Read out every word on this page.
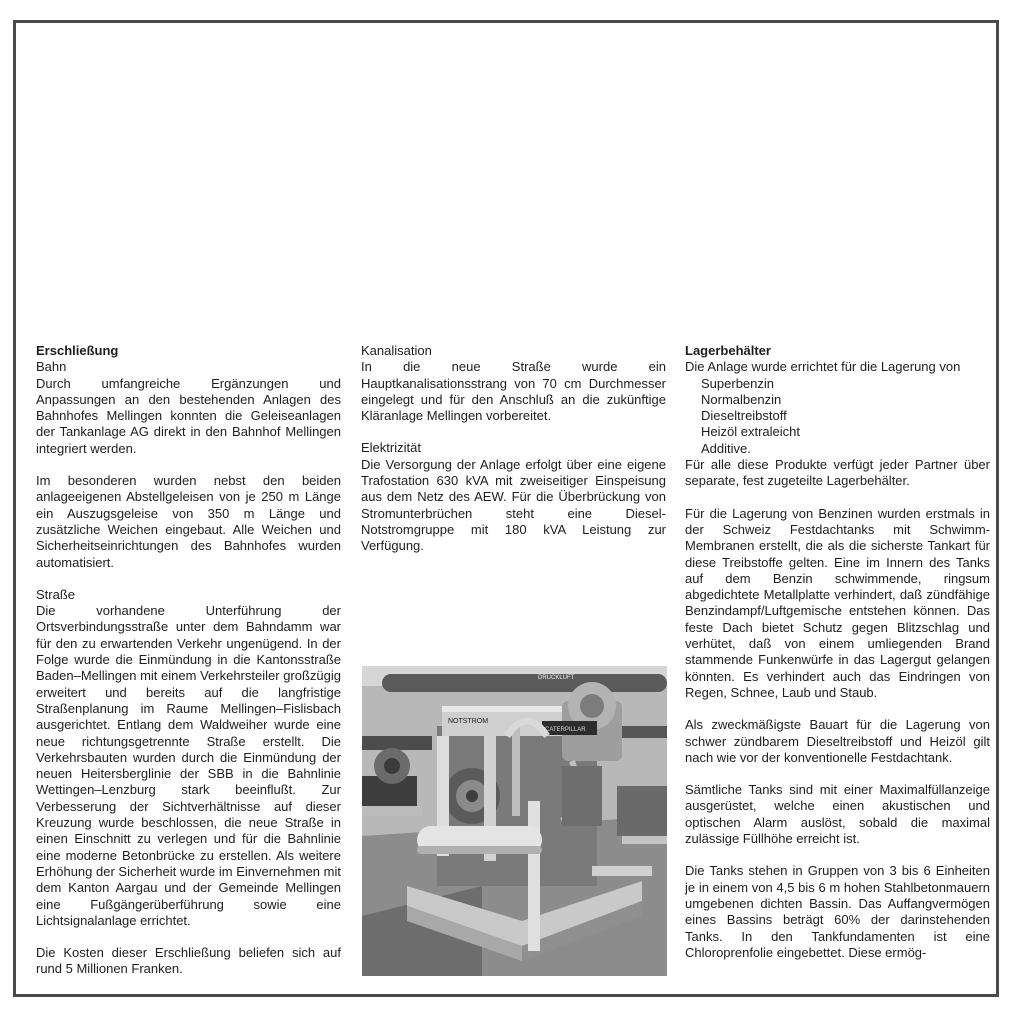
Erschließung

Bahn

Durch umfangreiche Ergänzungen und Anpassungen an den bestehenden Anlagen des Bahnhofes Mellingen konnten die Geleiseanlagen der Tankanlage AG direkt in den Bahnhof Mellingen integriert werden.

Im besonderen wurden nebst den beiden anlageeigenen Abstellgeleisen von je 250 m Länge ein Auszugsgeleise von 350 m Länge und zusätzliche Weichen eingebaut. Alle Weichen und Sicherheitseinrichtungen des Bahnhofes wurden automatisiert.

Straße

Die vorhandene Unterführung der Ortsverbindungsstraße unter dem Bahndamm war für den zu erwartenden Verkehr ungenügend. In der Folge wurde die Einmündung in die Kantonsstraße Baden–Mellingen mit einem Verkehrsteiler großzügig erweitert und bereits auf die langfristige Straßenplanung im Raume Mellingen–Fislisbach ausgerichtet. Entlang dem Waldweiher wurde eine neue richtungsgetrennte Straße erstellt. Die Verkehrsbauten wurden durch die Einmündung der neuen Heitersberglinie der SBB in die Bahnlinie Wettingen–Lenzburg stark beeinflußt. Zur Verbesserung der Sichtverhältnisse auf dieser Kreuzung wurde beschlossen, die neue Straße in einen Einschnitt zu verlegen und für die Bahnlinie eine moderne Betonbrücke zu erstellen. Als weitere Erhöhung der Sicherheit wurde im Einvernehmen mit dem Kanton Aargau und der Gemeinde Mellingen eine Fußgängerüberführung sowie eine Lichtsignalanlage errichtet.

Die Kosten dieser Erschließung beliefen sich auf rund 5 Millionen Franken.

Kanalisation

In die neue Straße wurde ein Hauptkanalisationsstrang von 70 cm Durchmesser eingelegt und für den Anschluß an die zukünftige Kläranlage Mellingen vorbereitet.

Elektrizität

Die Versorgung der Anlage erfolgt über eine eigene Trafostation 630 kVA mit zweiseitiger Einspeisung aus dem Netz des AEW. Für die Überbrückung von Stromunterbrüchen steht eine Diesel-Notstromgruppe mit 180 kVA Leistung zur Verfügung.

NOTSTROM
CATERPILLAR
DRUCKLUFT

Lagerbehälter

Die Anlage wurde errichtet für die Lagerung von

Superbenzin

Normalbenzin

Dieseltreibstoff

Heizöl extraleicht

Additive.

Für alle diese Produkte verfügt jeder Partner über separate, fest zugeteilte Lagerbehälter.

Für die Lagerung von Benzinen wurden erstmals in der Schweiz Festdachtanks mit Schwimm-Membranen erstellt, die als die sicherste Tankart für diese Treibstoffe gelten. Eine im Innern des Tanks auf dem Benzin schwimmende, ringsum abgedichtete Metallplatte verhindert, daß zündfähige Benzindampf/Luftgemische entstehen können. Das feste Dach bietet Schutz gegen Blitzschlag und verhütet, daß von einem umliegenden Brand stammende Funkenwürfe in das Lagergut gelangen könnten. Es verhindert auch das Eindringen von Regen, Schnee, Laub und Staub.

Als zweckmäßigste Bauart für die Lagerung von schwer zündbarem Dieseltreibstoff und Heizöl gilt nach wie vor der konventionelle Festdachtank.

Sämtliche Tanks sind mit einer Maximalfüllanzeige ausgerüstet, welche einen akustischen und optischen Alarm auslöst, sobald die maximal zulässige Füllhöhe erreicht ist.

Die Tanks stehen in Gruppen von 3 bis 6 Einheiten je in einem von 4,5 bis 6 m hohen Stahlbetonmauern umgebenen dichten Bassin. Das Auffangvermögen eines Bassins beträgt 60% der darinstehenden Tanks. In den Tankfundamenten ist eine Chloroprenfolie eingebettet. Diese ermög-
